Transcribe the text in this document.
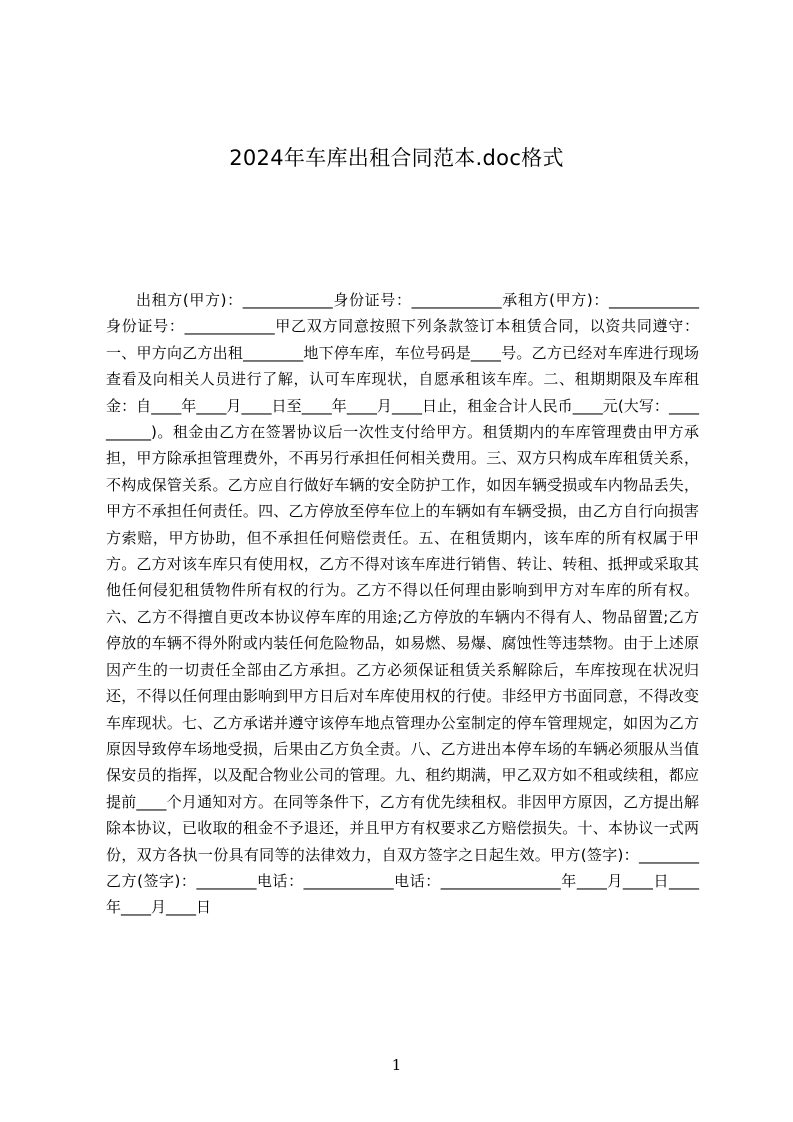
2024年车库出租合同范本.doc格式

出租方(甲方)：____________身份证号：____________承租方(甲方)：____________身份证号：____________甲乙双方同意按照下列条款签订本租赁合同，以资共同遵守：一、甲方向乙方出租________地下停车库，车位号码是____号。乙方已经对车库进行现场查看及向相关人员进行了解，认可车库现状，自愿承租该车库。二、租期期限及车库租金：自____年____月____日至____年____月____日止，租金合计人民币____元(大写：__________)。租金由乙方在签署协议后一次性支付给甲方。租赁期内的车库管理费由甲方承担，甲方除承担管理费外，不再另行承担任何相关费用。三、双方只构成车库租赁关系，不构成保管关系。乙方应自行做好车辆的安全防护工作，如因车辆受损或车内物品丢失，甲方不承担任何责任。四、乙方停放至停车位上的车辆如有车辆受损，由乙方自行向损害方索赔，甲方协助，但不承担任何赔偿责任。五、在租赁期内，该车库的所有权属于甲方。乙方对该车库只有使用权，乙方不得对该车库进行销售、转让、转租、抵押或采取其他任何侵犯租赁物件所有权的行为。乙方不得以任何理由影响到甲方对车库的所有权。六、乙方不得擅自更改本协议停车库的用途;乙方停放的车辆内不得有人、物品留置;乙方停放的车辆不得外附或内装任何危险物品，如易燃、易爆、腐蚀性等违禁物。由于上述原因产生的一切责任全部由乙方承担。乙方必须保证租赁关系解除后，车库按现在状况归还，不得以任何理由影响到甲方日后对车库使用权的行使。非经甲方书面同意，不得改变车库现状。七、乙方承诺并遵守该停车地点管理办公室制定的停车管理规定，如因为乙方原因导致停车场地受损，后果由乙方负全责。八、乙方进出本停车场的车辆必须服从当值保安员的指挥，以及配合物业公司的管理。九、租约期满，甲乙双方如不租或续租，都应提前____个月通知对方。在同等条件下，乙方有优先续租权。非因甲方原因，乙方提出解除本协议，已收取的租金不予退还，并且甲方有权要求乙方赔偿损失。十、本协议一式两份，双方各执一份具有同等的法律效力，自双方签字之日起生效。甲方(签字)：________乙方(签字)：________电话：____________电话：________________年____月____日____年____月____日

1
